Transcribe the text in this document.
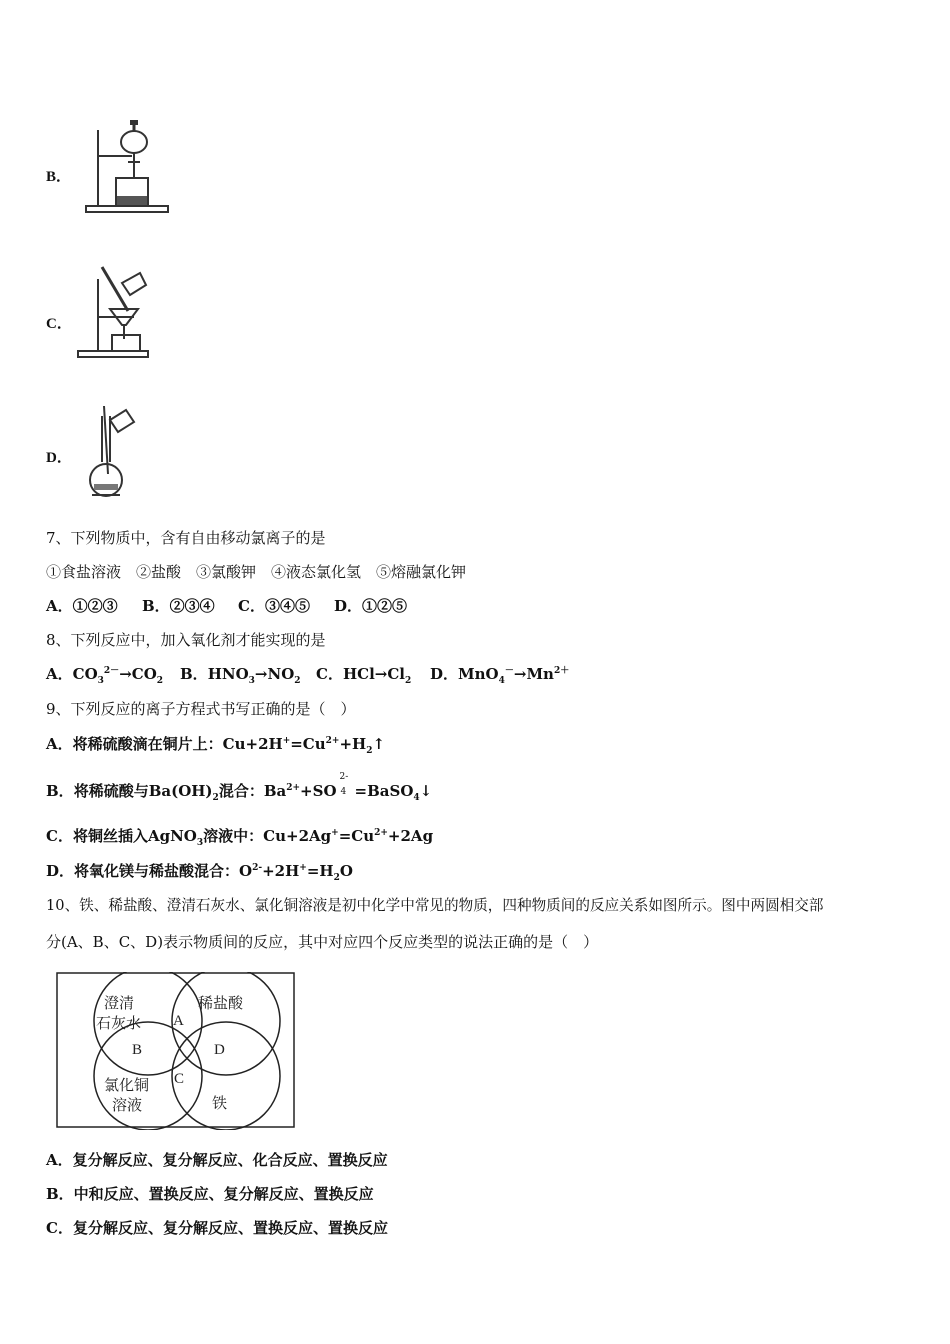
B．
C．
D．
7、下列物质中，含有自由移动氯离子的是
①食盐溶液　②盐酸　③氯酸钾　④液态氯化氢　⑤熔融氯化钾
A．①②③ B．②③④ C．③④⑤ D．①②⑤
8、下列反应中，加入氧化剂才能实现的是
A．$CO_3^{2-}\to CO_2$ B．$HNO_3\to NO_2$ C．$HCl\to Cl_2$ D．$MnO_4^-\to Mn^{2+}$
9、下列反应的离子方程式书写正确的是（　）
A．将稀硫酸滴在铜片上：$Cu+2H^+=Cu^{2+}+H_2↑$
B．将稀硫酸与$Ba(OH)_2$混合：$Ba^{2+}+SO$
2-
4 =BaSO$_4$↓
C．将铜丝插入AgNO$_3$溶液中：$Cu+2Ag^+=Cu^{2+}+2Ag$
D．将氧化镁与稀盐酸混合：$O^{2-}+2H^+=H_2O$
10、铁、稀盐酸、澄清石灰水、氯化铜溶液是初中化学中常见的物质，四种物质间的反应关系如图所示。图中两圆相交部
分(A、B、C、D)表示物质间的反应，其中对应四个反应类型的说法正确的是（　）
澄清
石灰水
稀盐酸
氯化铜
溶液	铁
A
B
C
D
A．复分解反应、复分解反应、化合反应、置换反应
B．中和反应、置换反应、复分解反应、置换反应
C．复分解反应、复分解反应、置换反应、置换反应
